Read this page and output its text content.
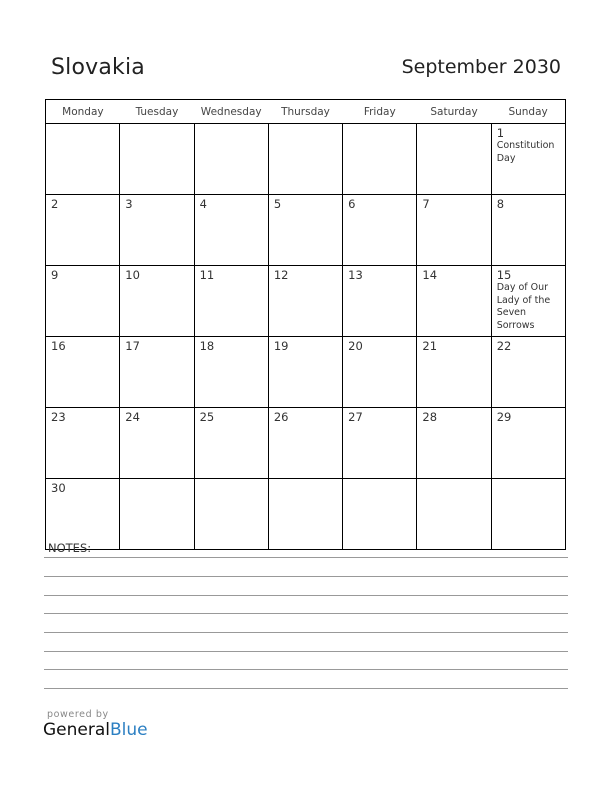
Slovakia	September 2030
Monday	Tuesday	Wednesday	Thursday	Friday	Saturday	Sunday

						1
Constitution Day

2	3	4	5	6	7	8

9	10	11	12	13	14	15
Day of Our Lady of the Seven Sorrows

16	17	18	19	20	21	22

23	24	25	26	27	28	29

30						

NOTES:
powered by
GeneralBlue
